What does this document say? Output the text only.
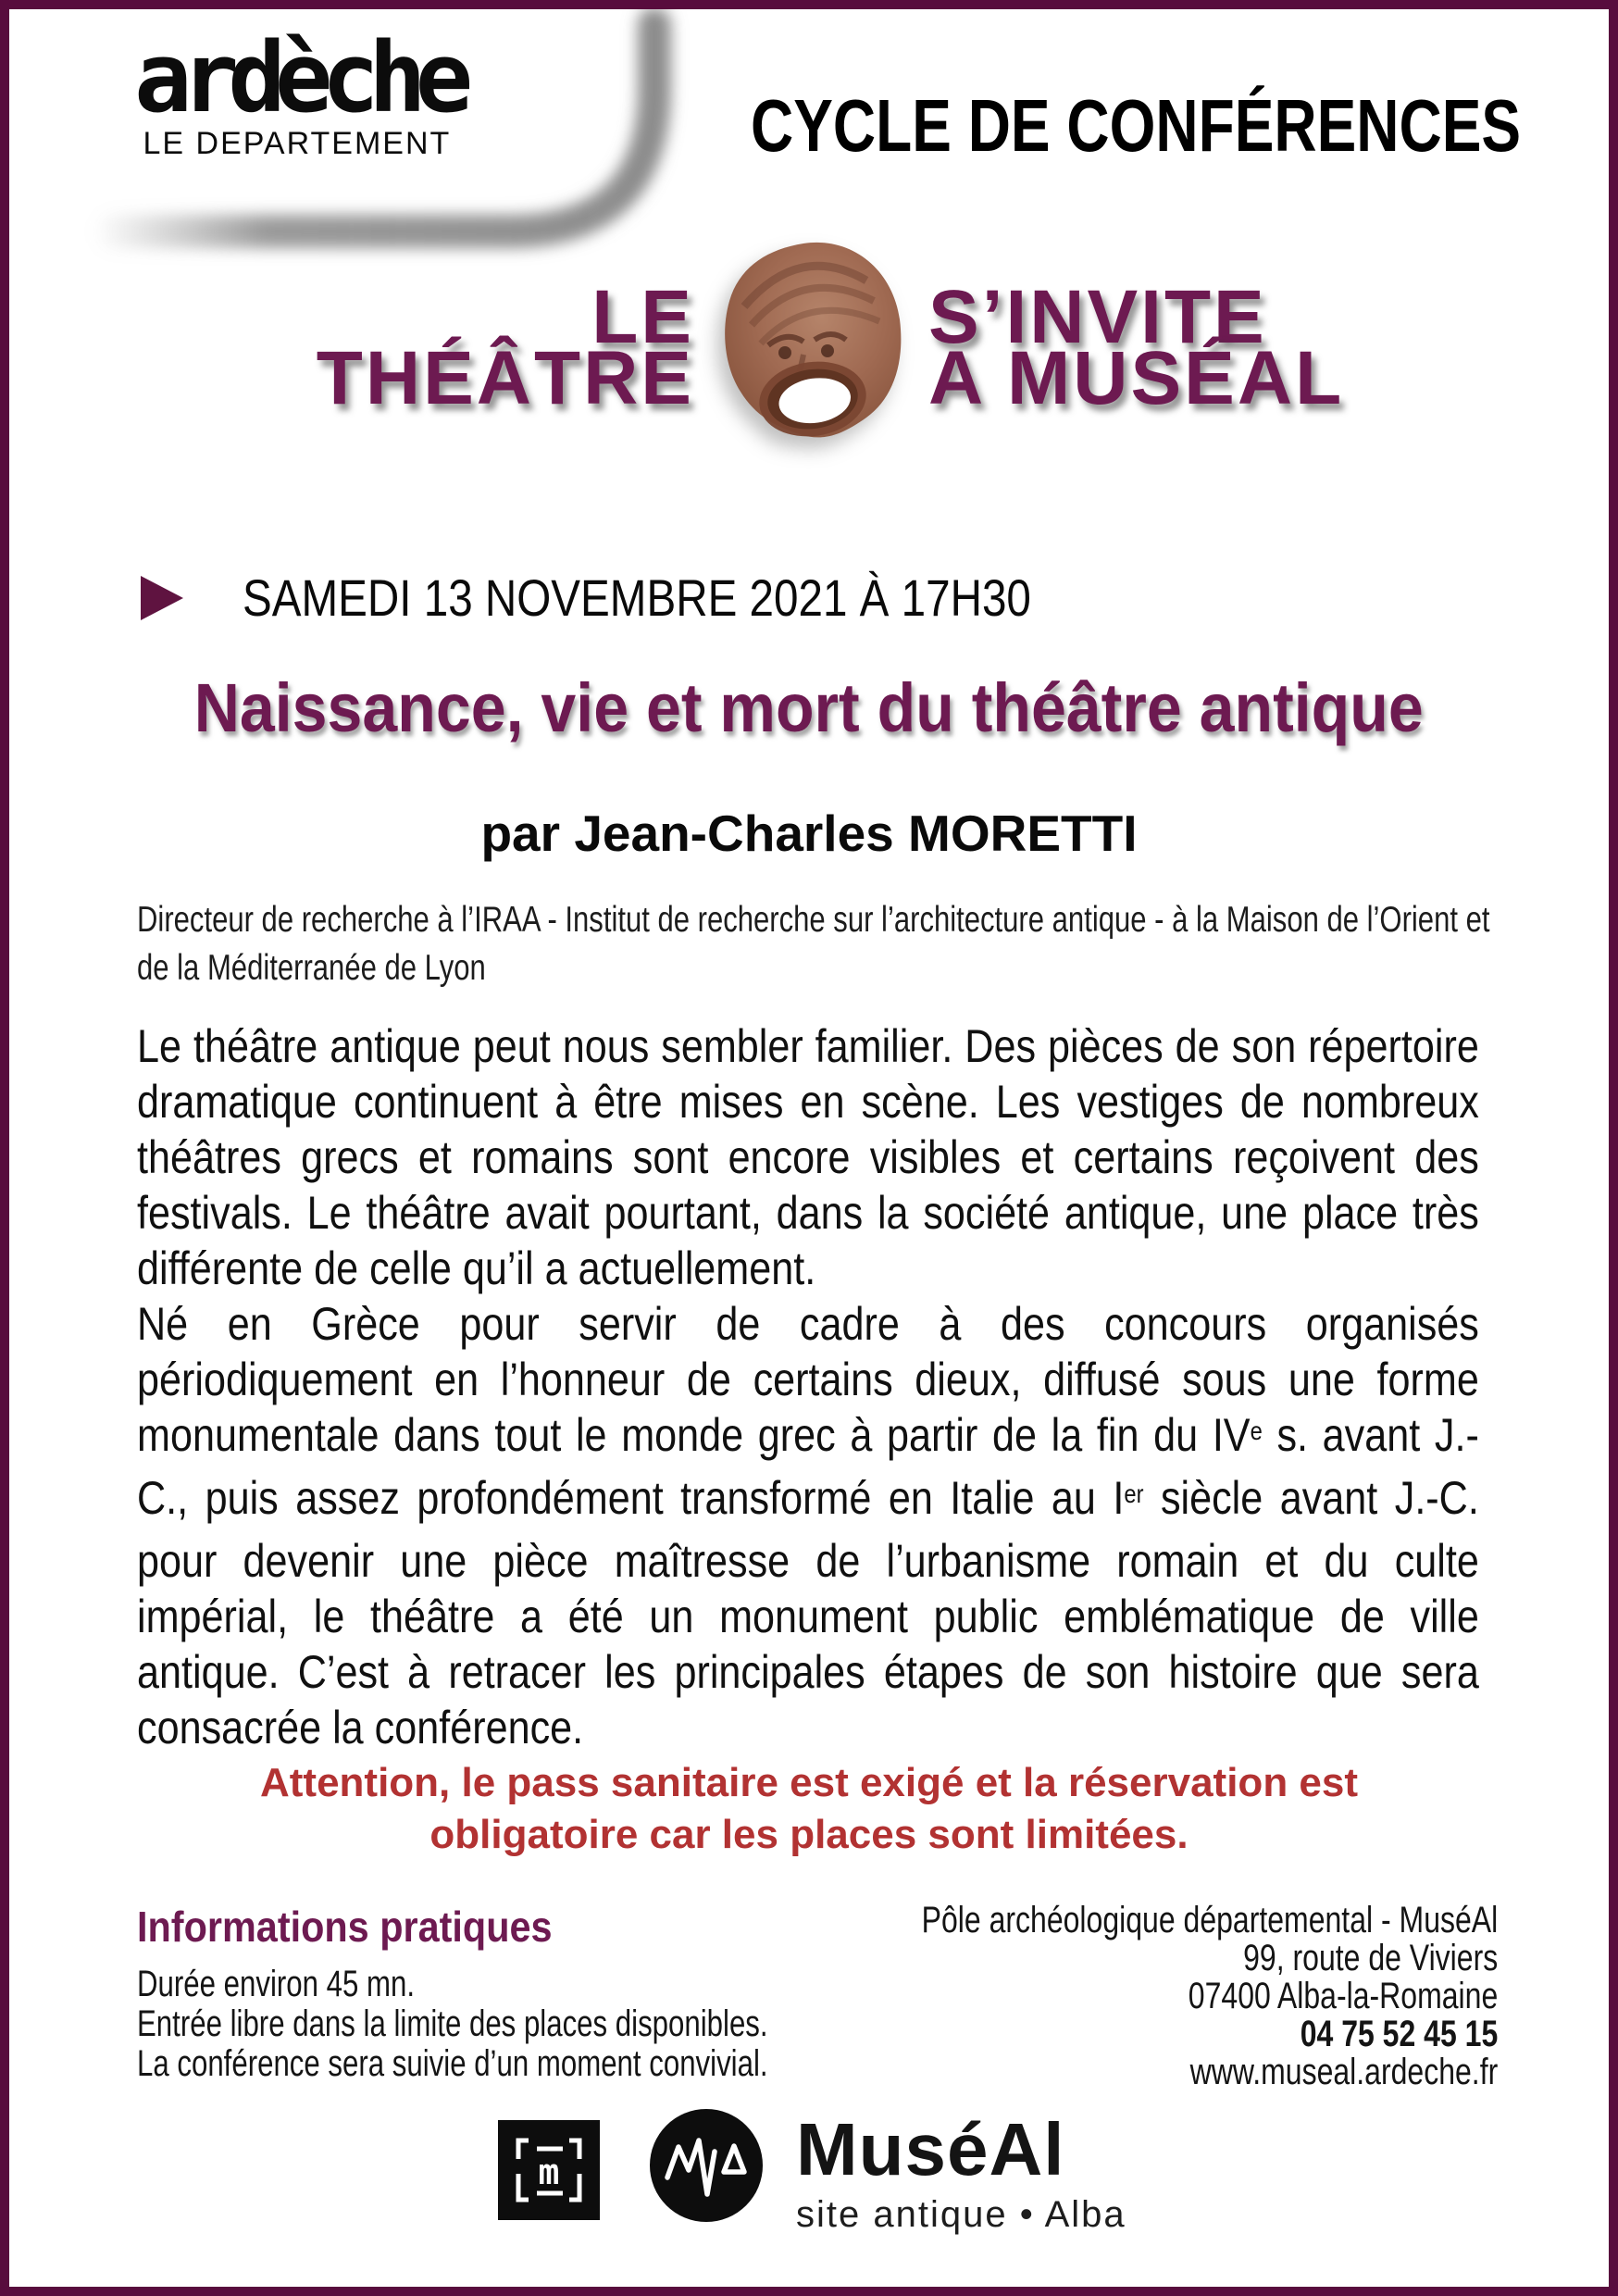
ardèche
LE DEPARTEMENT	CYCLE DE CONFÉRENCES
LE
THÉÂTRE
S’INVITE
A MUSÉAL
SAMEDI 13 NOVEMBRE 2021 À 17H30
Naissance, vie et mort du théâtre antique
par Jean-Charles MORETTI
Directeur de recherche à l’IRAA - Institut de recherche sur l’architecture antique - à la Maison de l’Orient et de la Méditerranée de Lyon

Le théâtre antique peut nous sembler familier. Des pièces de son répertoire dramatique continuent à être mises en scène. Les vestiges de nombreux théâtres grecs et romains sont encore visibles et certains reçoivent des festivals. Le théâtre avait pourtant, dans la société antique, une place très différente de celle qu’il a actuellement.

Né en Grèce pour servir de cadre à des concours organisés périodiquement en l’honneur de certains dieux, diffusé sous une forme monumentale dans tout le monde grec à partir de la fin du IVe s. avant J.-C., puis assez profondément transformé en Italie au Ier siècle avant J.-C. pour devenir une pièce maîtresse de l’urbanisme romain et du culte impérial, le théâtre a été un monument public emblématique de ville antique. C’est à retracer les principales étapes de son histoire que sera consacrée la conférence.

Attention, le pass sanitaire est exigé et la réservation est
obligatoire car les places sont limitées.
Informations pratiques
Durée environ 45 mn.
Entrée libre dans la limite des places disponibles.
La conférence sera suivie d’un moment convivial.
Pôle archéologique départemental - MuséAl
99, route de Viviers
07400 Alba-la-Romaine
04 75 52 45 15
www.museal.ardeche.fr
m	MuséAl
site antique • Alba
